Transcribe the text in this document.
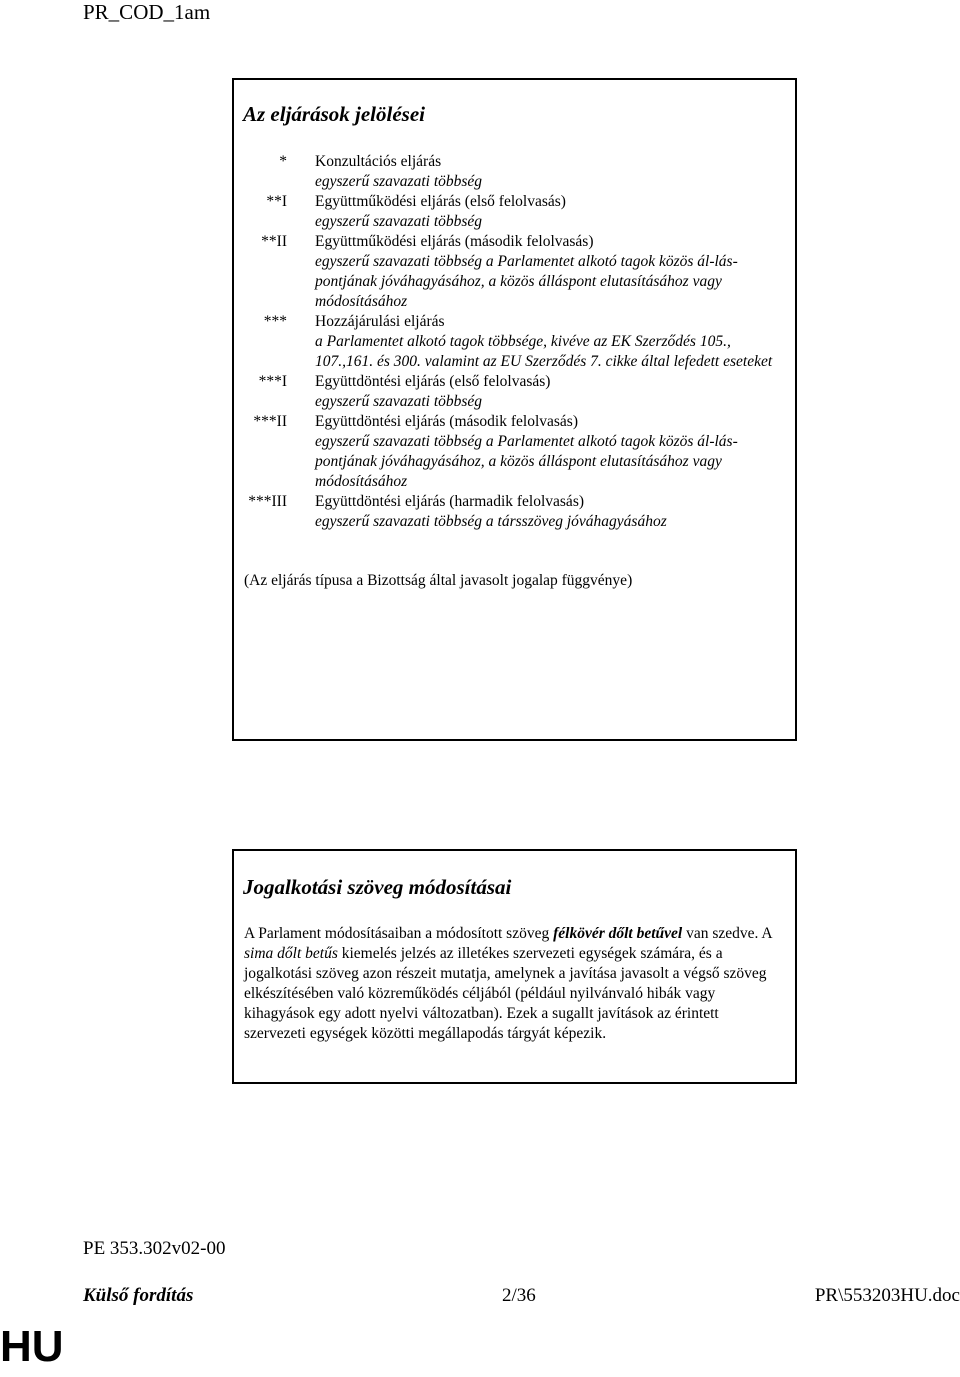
PR_COD_1am
Az eljárások jelölései
* Konzultációs eljárás
egyszerű szavazati többség
**I Együttműködési eljárás (első felolvasás)
egyszerű szavazati többség
**II Együttműködési eljárás (második felolvasás)
egyszerű szavazati többség a Parlamentet alkotó tagok közös ál-láspontjának jóváhagyásához, a közös álláspont elutasításához vagy módosításához
*** Hozzájárulási eljárás
a Parlamentet alkotó tagok többsége, kivéve az EK Szerződés 105., 107.,161. és 300. valamint az EU Szerződés 7. cikke által lefedett eseteket
***I Együttdöntési eljárás (első felolvasás)
egyszerű szavazati többség
***II Együttdöntési eljárás (második felolvasás)
egyszerű szavazati többség a Parlamentet alkotó tagok közös ál-láspontjának jóváhagyásához, a közös álláspont elutasításához vagy módosításához
***III Együttdöntési eljárás (harmadik felolvasás)
egyszerű szavazati többség a társszöveg jóváhagyásához
(Az eljárás típusa a Bizottság által javasolt jogalap függvénye)
Jogalkotási szöveg módosításai
A Parlament módosításaiban a módosított szöveg félkövér dőlt betűvel van szedve. A sima dőlt betűs kiemelés jelzés az illetékes szervezeti egységek számára, és a jogalkotási szöveg azon részeit mutatja, amelynek a javítása javasolt a végső szöveg elkészítésében való közreműködés céljából (például nyilvánvaló hibák vagy kihagyások egy adott nyelvi változatban). Ezek a sugallt javítások az érintett szervezeti egységek közötti megállapodás tárgyát képezik.
PE 353.302v02-00
Külső fordítás	2/36	PR\553203HU.doc
HU
